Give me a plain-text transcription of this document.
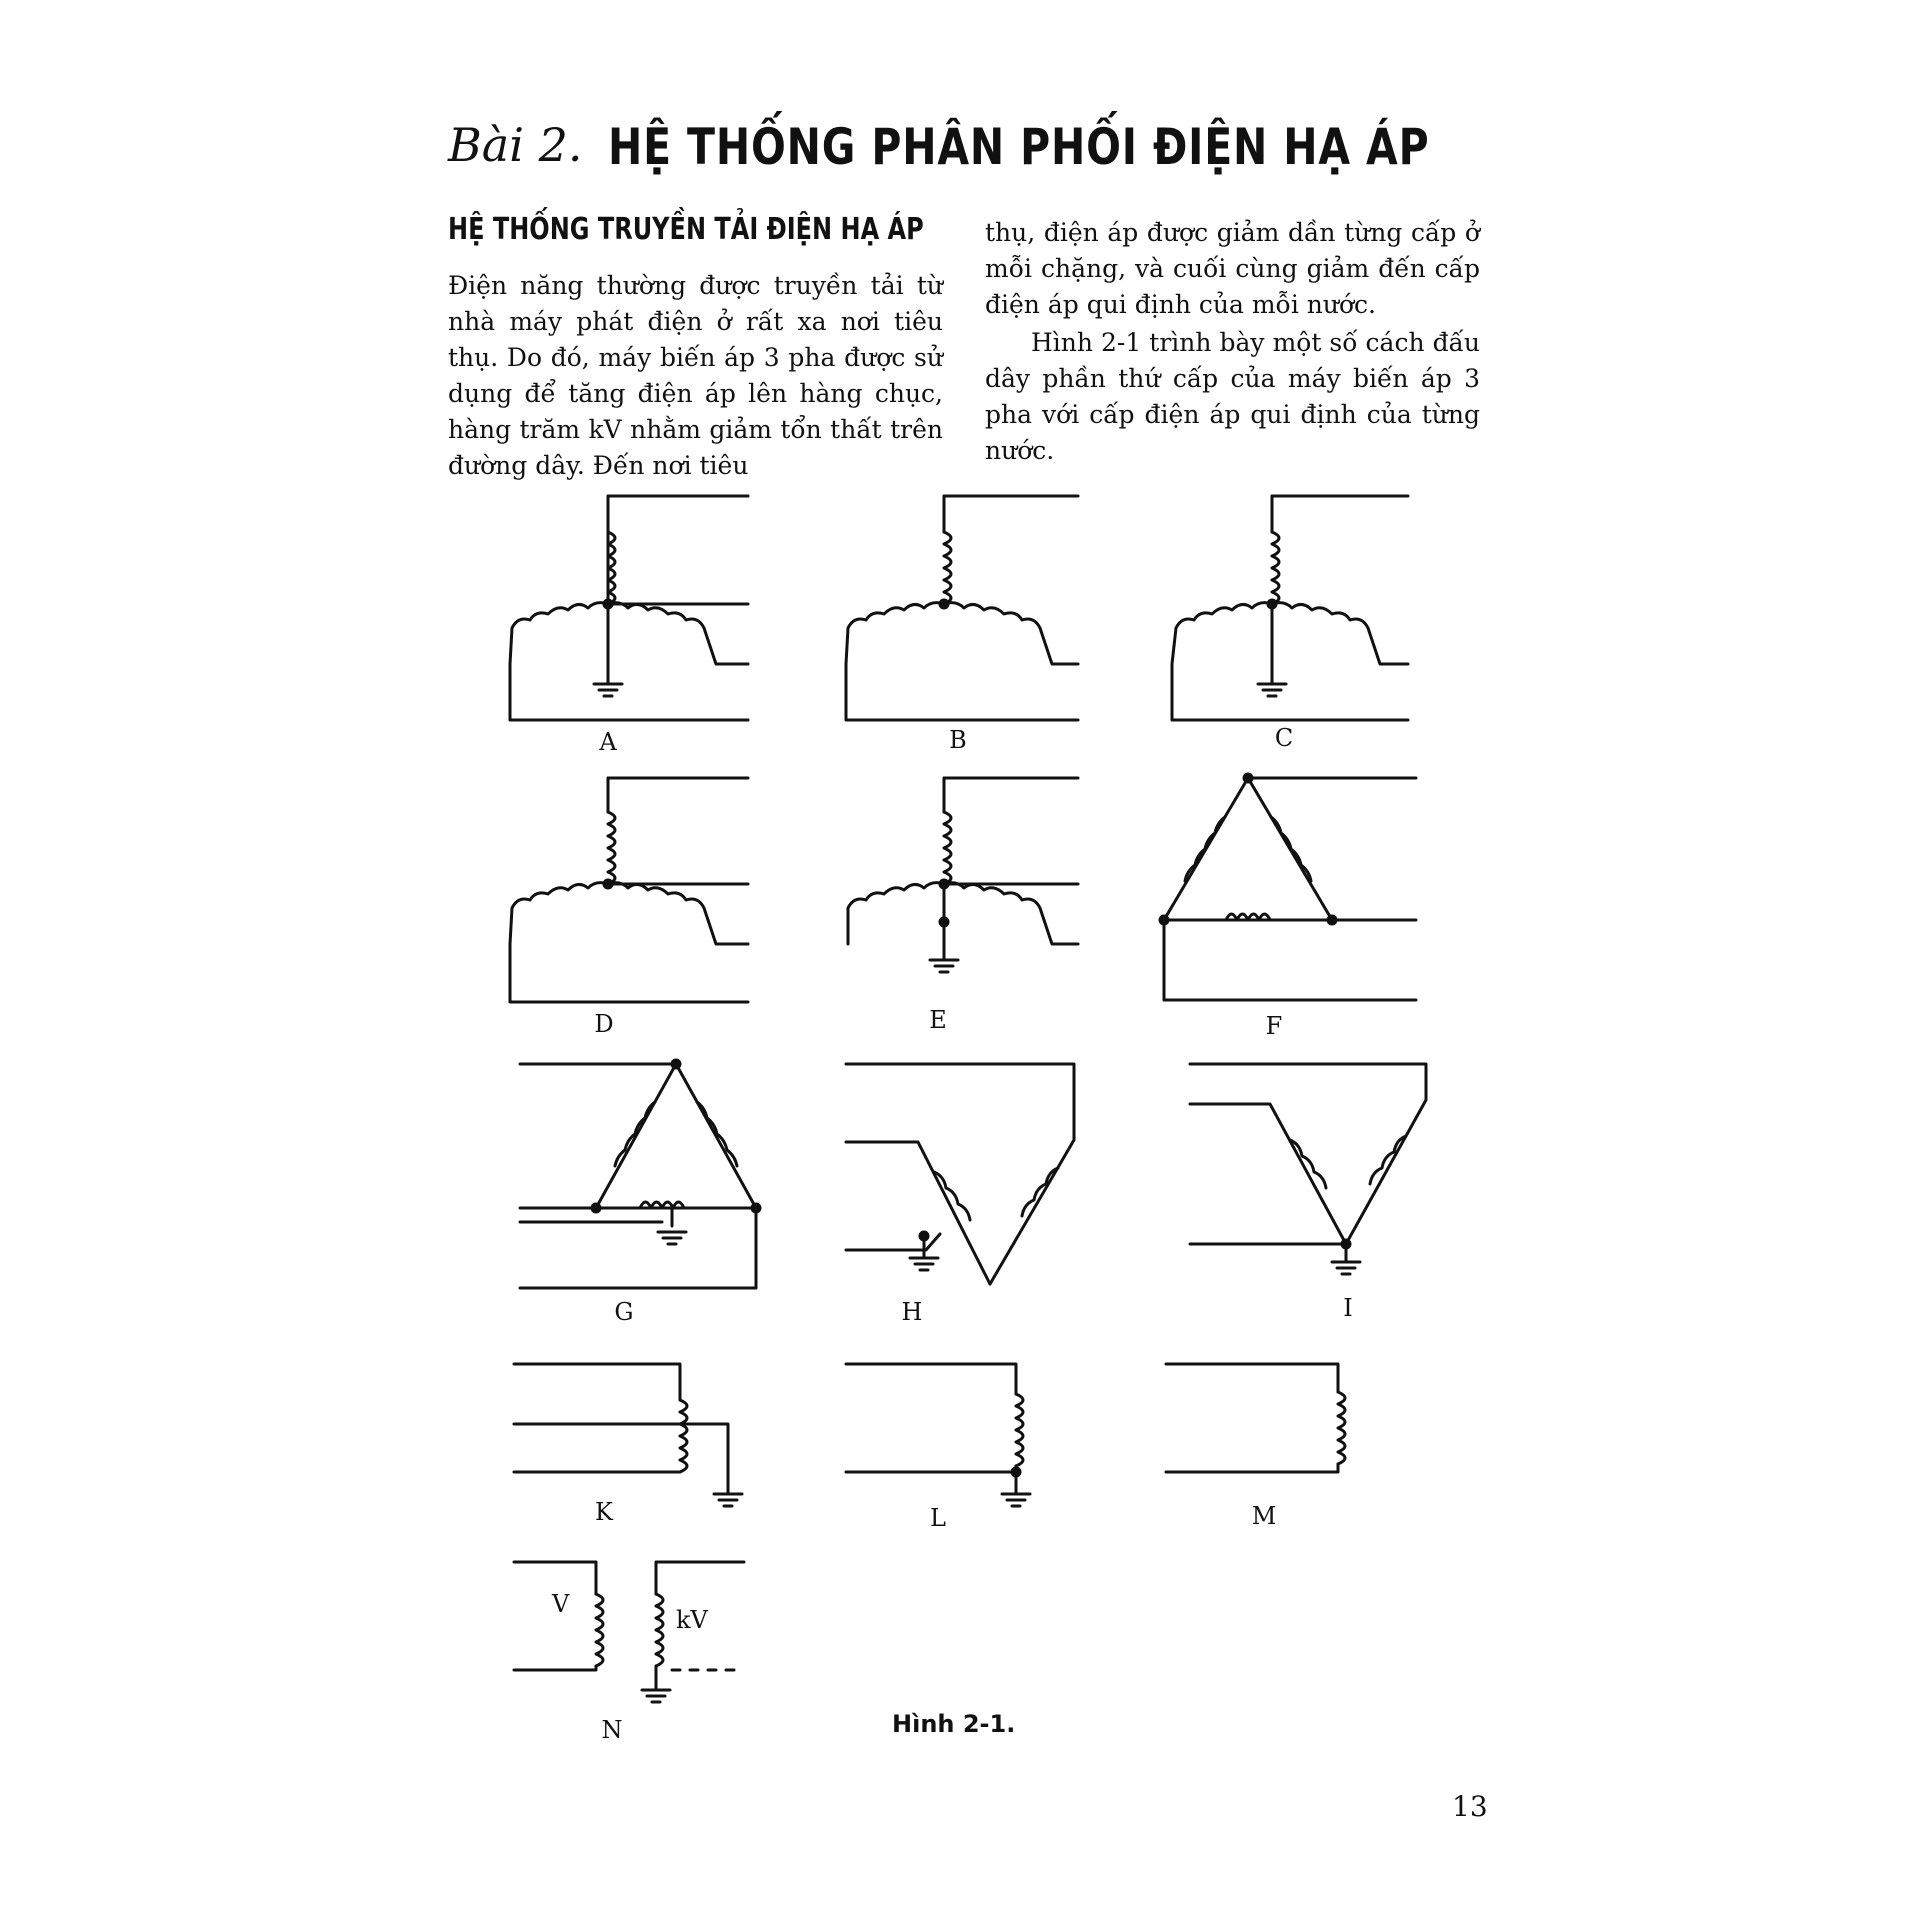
Bài 2. HỆ THỐNG PHÂN PHỐI ĐIỆN HẠ ÁP
HỆ THỐNG TRUYỀN TẢI ĐIỆN HẠ ÁP

Điện năng thường được truyền tải từ nhà máy phát điện ở rất xa nơi tiêu thụ. Do đó, máy biến áp 3 pha được sử dụng để tăng điện áp lên hàng chục, hàng trăm kV nhằm giảm tổn thất trên đường dây. Đến nơi tiêu

thụ, điện áp được giảm dần từng cấp ở mỗi chặng, và cuối cùng giảm đến cấp điện áp qui định của mỗi nước.

Hình 2-1 trình bày một số cách đấu dây phần thứ cấp của máy biến áp 3 pha với cấp điện áp qui định của từng nước.

A	B	C
D	E	F
G	H	I
K	L	M
N
V
kV
Hình 2-1.
13
